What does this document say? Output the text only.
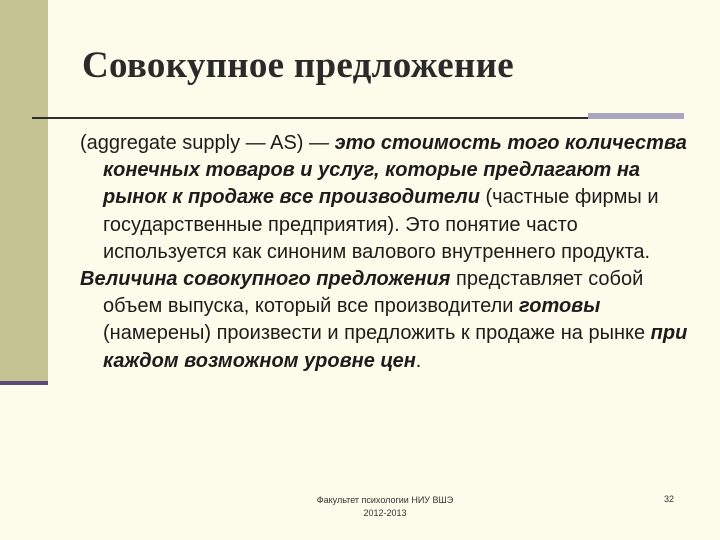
Совокупное предложение
(aggregate supply — AS) — это стоимость того количества конечных товаров и услуг, которые предлагают на рынок к продаже все производители (частные фирмы и государственные предприятия). Это понятие часто используется как синоним валового внутреннего продукта.
Величина совокупного предложения представляет собой объем выпуска, который все производители готовы (намерены) произвести и предложить к продаже на рынке при каждом возможном уровне цен.
Факультет психологии НИУ ВШЭ
2012-2013
32
